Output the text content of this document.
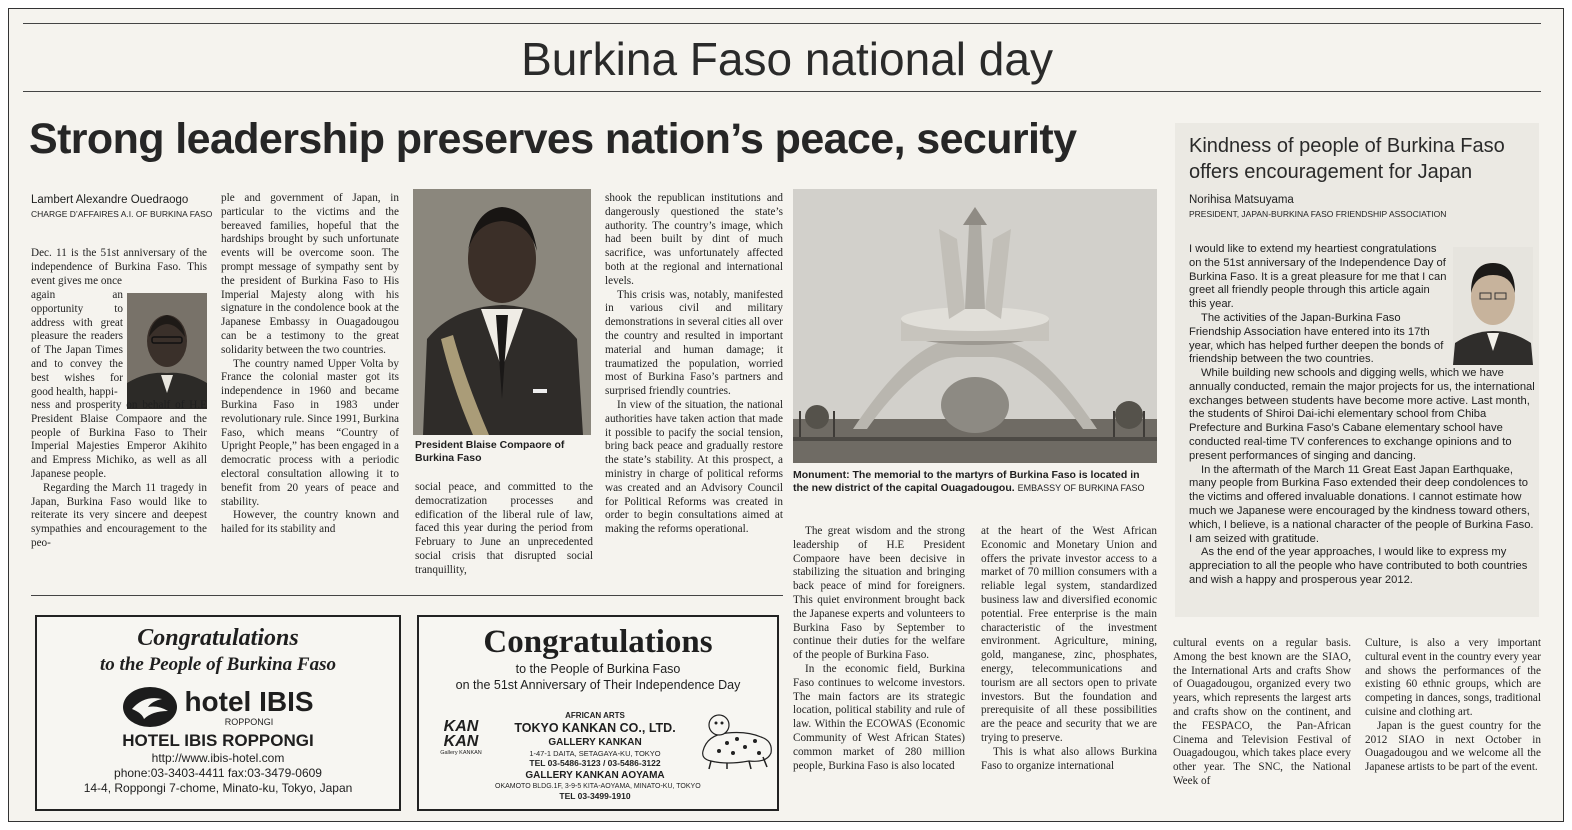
Burkina Faso national day
Strong leadership preserves nation’s peace, security
Lambert Alexandre Ouedraogo
CHARGE D’AFFAIRES A.I. OF BURKINA FASO

Dec. 11 is the 51st anniversary of the independence of Burkina Faso. This event gives me once

again an opportunity to address with great pleasure the readers of The Japan Times and to convey the best wishes for good health, happi-

ness and prosperity on behalf of H.E President Blaise Compaore and the people of Burkina Faso to Their Imperial Majesties Emperor Akihito and Empress Michiko, as well as all Japanese people.

Regarding the March 11 tragedy in Japan, Burkina Faso would like to reiterate its very sincere and deepest sympathies and encouragement to the peo-

ple and government of Japan, in particular to the victims and the bereaved families, hopeful that the hardships brought by such unfortunate events will be overcome soon. The prompt message of sympathy sent by the president of Burkina Faso to His Imperial Majesty along with his signature in the condolence book at the Japanese Embassy in Ouagadougou can be a testimony to the great solidarity between the two countries.

The country named Upper Volta by France the colonial master got its independence in 1960 and became Burkina Faso in 1983 under revolutionary rule. Since 1991, Burkina Faso, which means “Country of Upright People,” has been engaged in a democratic process with a periodic electoral consultation allowing it to benefit from 20 years of peace and stability.

However, the country known and hailed for its stability and

President Blaise Compaore of Burkina Faso

social peace, and committed to the democratization processes and edification of the liberal rule of law, faced this year during the period from February to June an unprecedented social crisis that disrupted social tranquillity,

shook the republican institutions and dangerously questioned the state’s authority. The country’s image, which had been built by dint of much sacrifice, was unfortunately affected both at the regional and international levels.

This crisis was, notably, manifested in various civil and military demonstrations in several cities all over the country and resulted in important material and human damage; it traumatized the population, worried most of Burkina Faso’s partners and surprised friendly countries.

In view of the situation, the national authorities have taken action that made it possible to pacify the social tension, bring back peace and gradually restore the state’s stability. At this prospect, a ministry in charge of political reforms was created and an Advisory Council for Political Reforms was created in order to begin consultations aimed at making the reforms operational.

Monument: The memorial to the martyrs of Burkina Faso is located in the new district of the capital Ouagadougou. EMBASSY OF BURKINA FASO

The great wisdom and the strong leadership of H.E President Compaore have been decisive in stabilizing the situation and bringing back peace of mind for foreigners. This quiet environment brought back the Japanese experts and volunteers to Burkina Faso by September to continue their duties for the welfare of the people of Burkina Faso.

In the economic field, Burkina Faso continues to welcome investors. The main factors are its strategic location, political stability and rule of law. Within the ECOWAS (Economic Community of West African States) common market of 280 million people, Burkina Faso is also located

at the heart of the West African Economic and Monetary Union and offers the private investor access to a market of 70 million consumers with a reliable legal system, standardized business law and diversified economic potential. Free enterprise is the main characteristic of the investment environment. Agriculture, mining, gold, manganese, zinc, phosphates, energy, telecommunications and tourism are all sectors open to private investors. But the foundation and prerequisite of all these possibilities are the peace and security that we are trying to preserve.

This is what also allows Burkina Faso to organize international

cultural events on a regular basis. Among the best known are the SIAO, the International Arts and crafts Show of Ouagadougou, organized every two years, which represents the largest arts and crafts show on the continent, and the FESPACO, the Pan-African Cinema and Television Festival of Ouagadougou, which takes place every other year. The SNC, the National Week of

Culture, is also a very important cultural event in the country every year and shows the performances of the existing 60 ethnic groups, which are competing in dances, songs, traditional cuisine and clothing art.

Japan is the guest country for the 2012 SIAO in next October in Ouagadougou and we welcome all the Japanese artists to be part of the event.

Kindness of people of Burkina Faso offers encouragement for Japan
Norihisa Matsuyama
PRESIDENT, JAPAN-BURKINA FASO FRIENDSHIP ASSOCIATION

I would like to extend my heartiest congratulations on the 51st anniversary of the Independence Day of Burkina Faso. It is a great pleasure for me that I can greet all friendly people through this article again this year.

The activities of the Japan-Burkina Faso Friendship Association have entered into its 17th year, which has helped further deepen the bonds of friendship between the two countries.

While building new schools and digging wells, which we have annually conducted, remain the major projects for us, the international exchanges between students have become more active. Last month, the students of Shiroi Dai-ichi elementary school from Chiba Prefecture and Burkina Faso’s Cabane elementary school have conducted real-time TV conferences to exchange opinions and to present performances of singing and dancing.

In the aftermath of the March 11 Great East Japan Earthquake, many people from Burkina Faso extended their deep condolences to the victims and offered invaluable donations. I cannot estimate how much we Japanese were encouraged by the kindness toward others, which, I believe, is a national character of the people of Burkina Faso. I am seized with gratitude.

As the end of the year approaches, I would like to express my appreciation to all the people who have contributed to both countries and wish a happy and prosperous year 2012.

Congratulations
to the People of Burkina Faso
hotel IBIS
ROPPONGI
HOTEL IBIS ROPPONGI
http://www.ibis-hotel.com
phone:03-3403-4411 fax:03-3479-0609
14-4, Roppongi 7-chome, Minato-ku, Tokyo, Japan
Congratulations
to the People of Burkina Faso
on the 51st Anniversary of Their Independence Day
KAN
KAN
Gallery KANKAN
AFRICAN ARTS
TOKYO KANKAN CO., LTD.
GALLERY KANKAN
1-47-1 DAITA, SETAGAYA-KU, TOKYO
TEL 03-5486-3123 / 03-5486-3122
GALLERY KANKAN AOYAMA
OKAMOTO BLDG.1F, 3-9-5 KITA-AOYAMA, MINATO-KU, TOKYO
TEL 03-3499-1910
